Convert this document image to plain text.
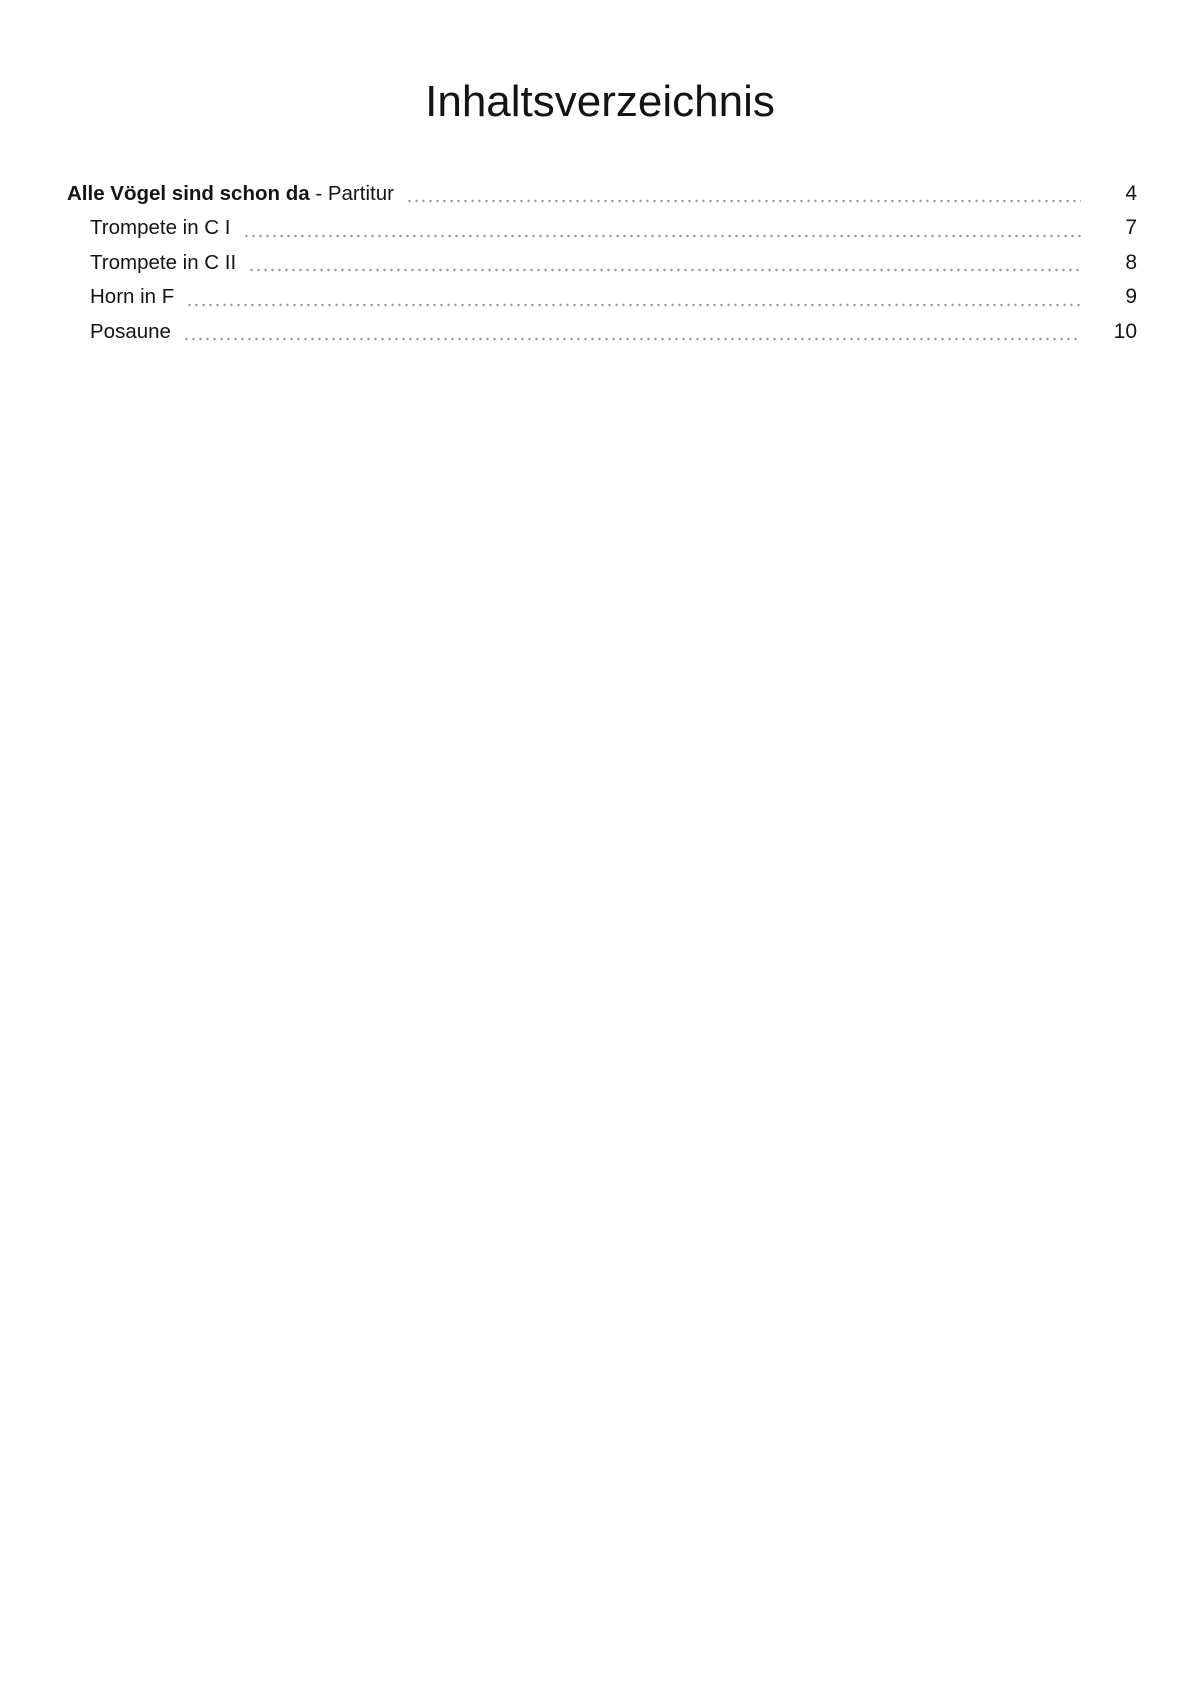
Inhaltsverzeichnis
Alle Vögel sind schon da - Partitur	4
Trompete in C I	7
Trompete in C II	8
Horn in F	9
Posaune	10
